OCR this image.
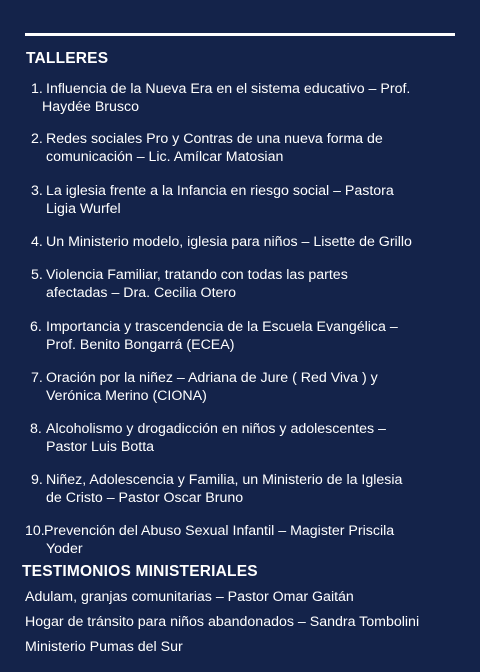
TALLERES
1. Influencia de la Nueva Era en el sistema educativo – Prof.
Haydée Brusco
2. Redes sociales Pro y Contras de una nueva forma de
comunicación – Lic. Amílcar Matosian
3. La iglesia frente a la Infancia en riesgo social – Pastora
Ligia Wurfel
4. Un Ministerio modelo, iglesia para niños – Lisette de Grillo
5. Violencia Familiar, tratando con todas las partes
afectadas – Dra. Cecilia Otero
6. Importancia y trascendencia de la Escuela Evangélica –
Prof. Benito Bongarrá (ECEA)
7. Oración por la niñez – Adriana de Jure ( Red Viva ) y
Verónica Merino (CIONA)
8. Alcoholismo y drogadicción en niños y adolescentes –
Pastor Luis Botta
9. Niñez, Adolescencia y Familia, un Ministerio de la Iglesia
de Cristo – Pastor Oscar Bruno
10. Prevención del Abuso Sexual Infantil – Magister Priscila
Yoder
TESTIMONIOS MINISTERIALES
Adulam, granjas comunitarias – Pastor Omar Gaitán
Hogar de tránsito para niños abandonados – Sandra Tombolini
Ministerio Pumas del Sur
